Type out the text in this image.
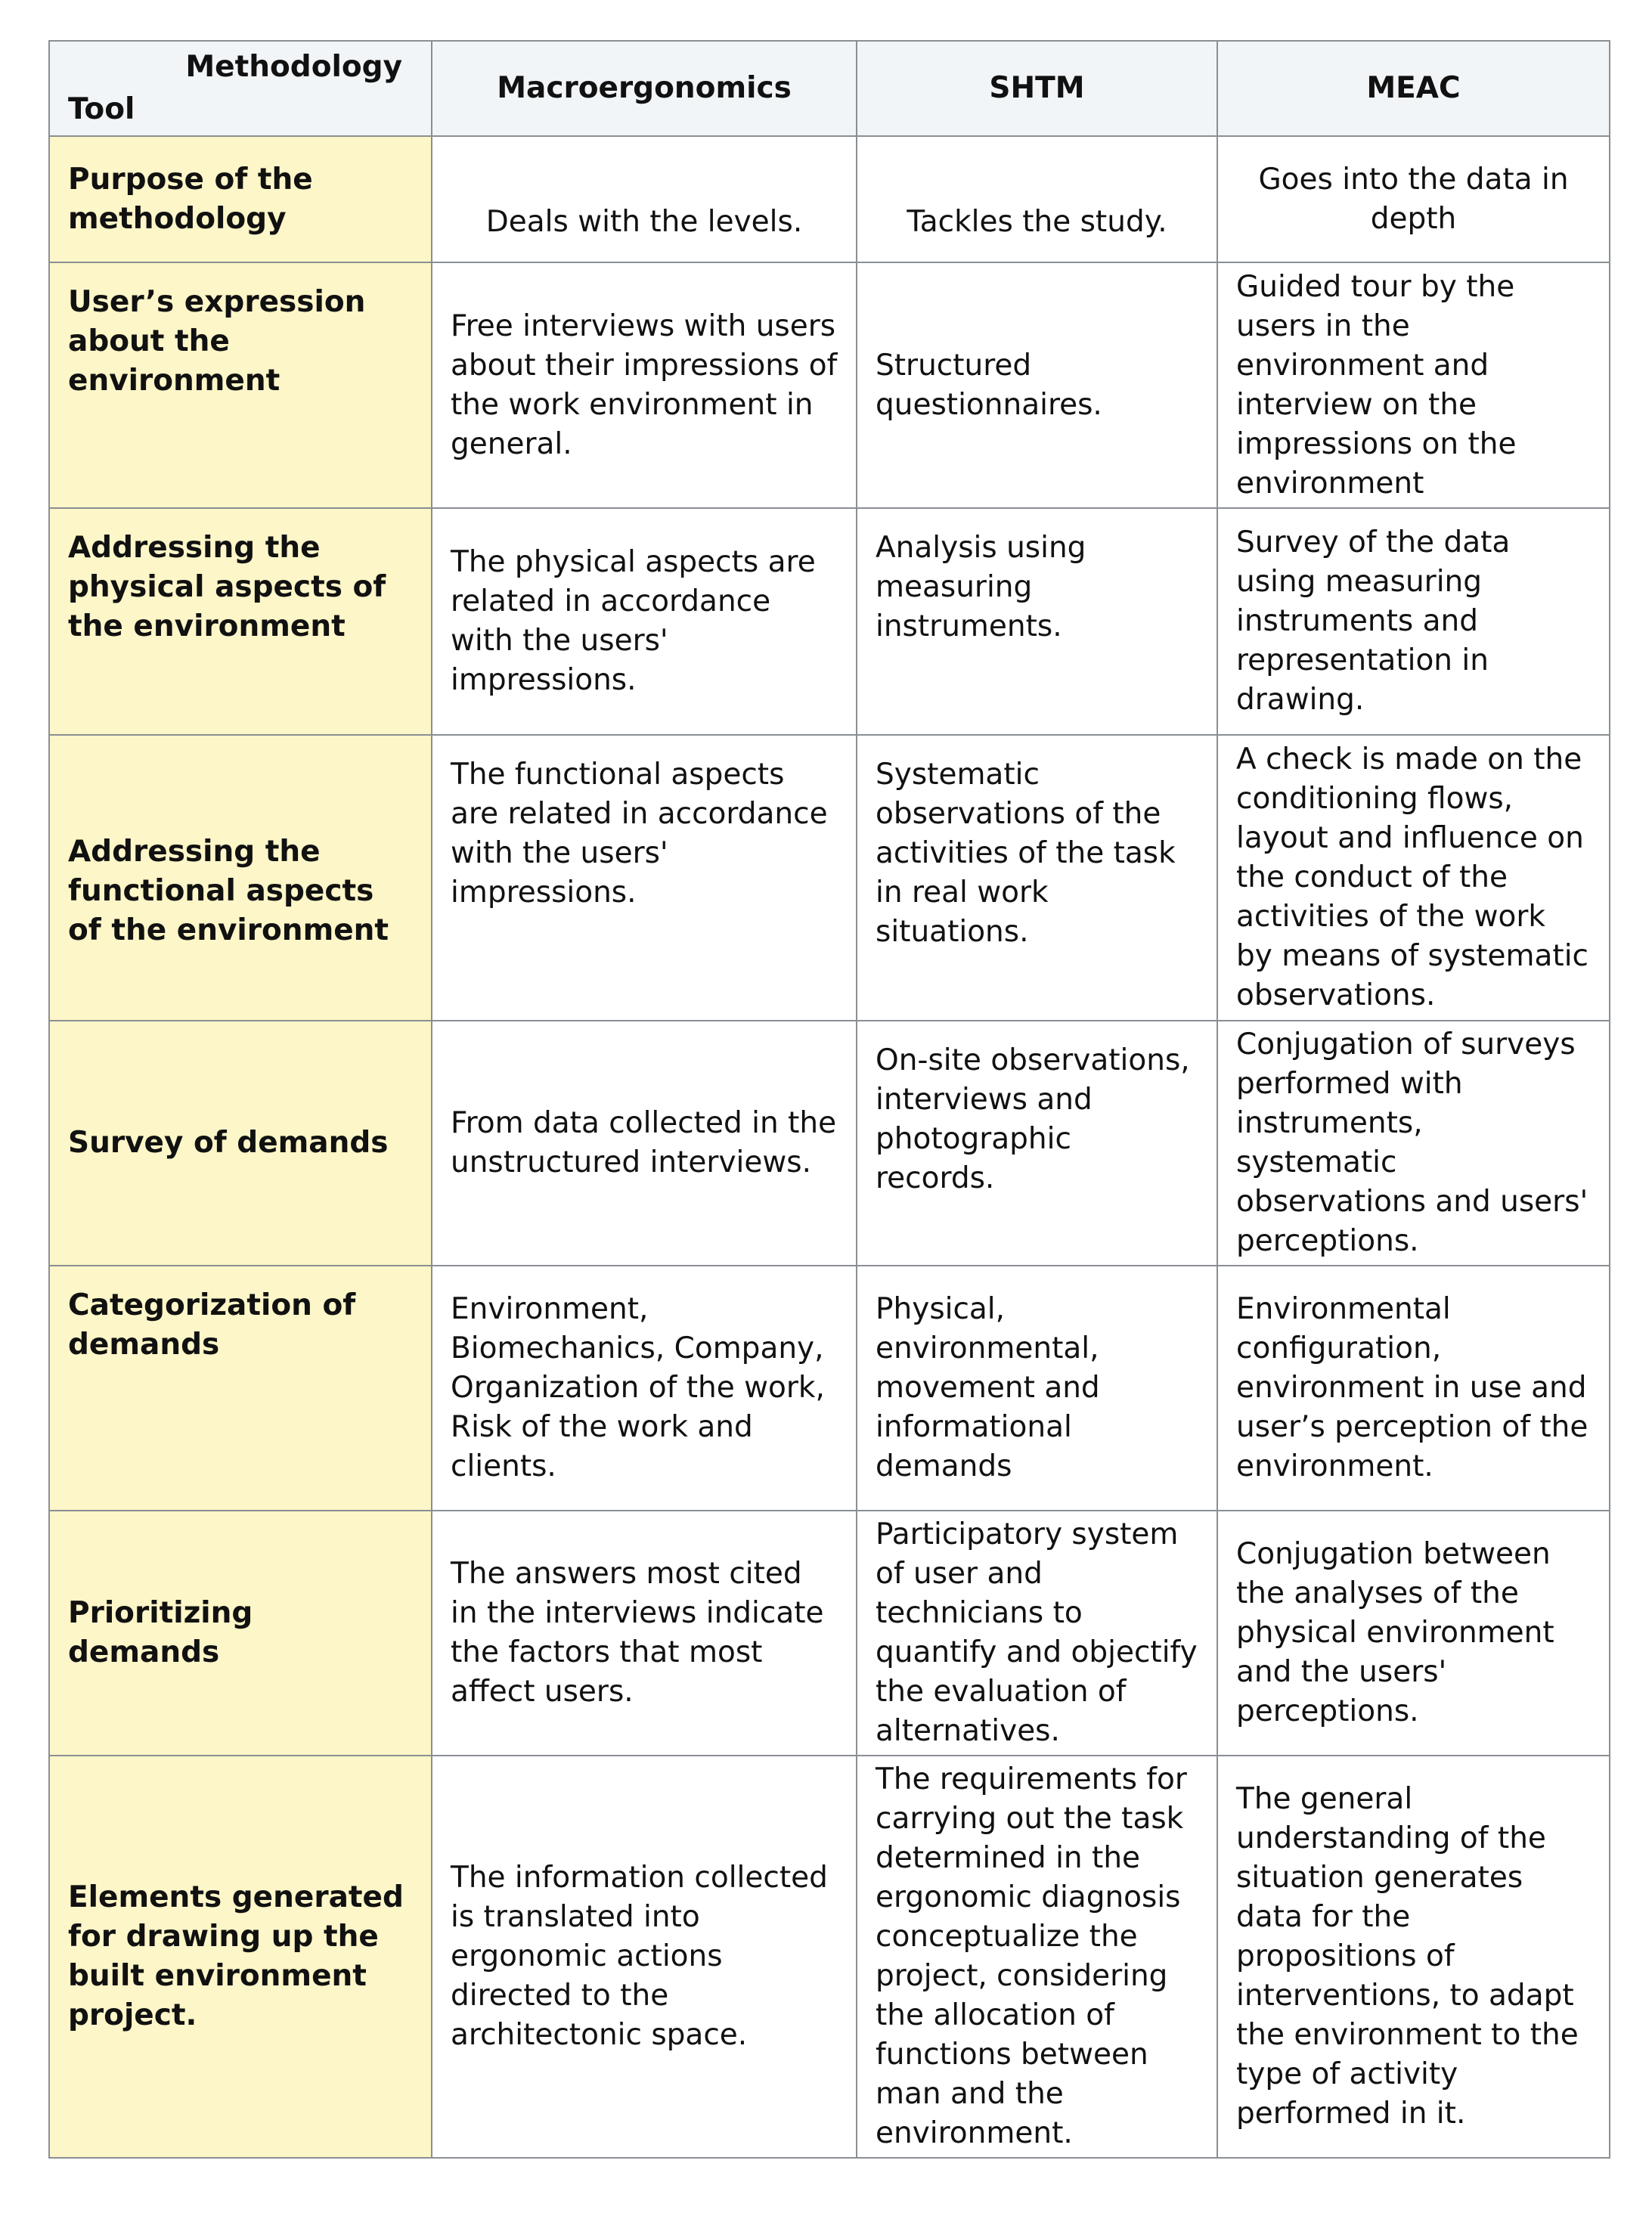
Methodology
Tool	Macroergonomics	SHTM	MEAC
Purpose of the methodology	Deals with the levels.	Tackles the study.	Goes into the data in depth
User’s expression about the environment	Free interviews with users about their impressions of the work environment in general.	Structured questionnaires.	Guided tour by the users in the environment and interview on the impressions on the environment
Addressing the physical aspects of the environment	The physical aspects are related in accordance with the users' impressions.	Analysis using measuring instruments.	Survey of the data using measuring instruments and representation in drawing.
Addressing the functional aspects of the environment	The functional aspects are related in accordance with the users' impressions.	Systematic observations of the activities of the task in real work situations.	A check is made on the conditioning flows, layout and influence on the conduct of the activities of the work by means of systematic observations.
Survey of demands	From data collected in the unstructured interviews.	On-site observations, interviews and photographic records.	Conjugation of surveys performed with instruments, systematic observations and users' perceptions.
Categorization of demands	Environment, Biomechanics, Company, Organization of the work, Risk of the work and clients.	Physical, environmental, movement and informational demands	Environmental configuration, environment in use and user’s perception of the environment.
Prioritizing demands	The answers most cited in the interviews indicate the factors that most affect users.	Participatory system of user and technicians to quantify and objectify the evaluation of alternatives.	Conjugation between the analyses of the physical environment and the users' perceptions.
Elements generated for drawing up the built environment project.	The information collected is translated into ergonomic actions directed to the architectonic space.	The requirements for carrying out the task determined in the ergonomic diagnosis conceptualize the project, considering the allocation of functions between man and the environment.	The general understanding of the situation generates data for the propositions of interventions, to adapt the environment to the type of activity performed in it.
